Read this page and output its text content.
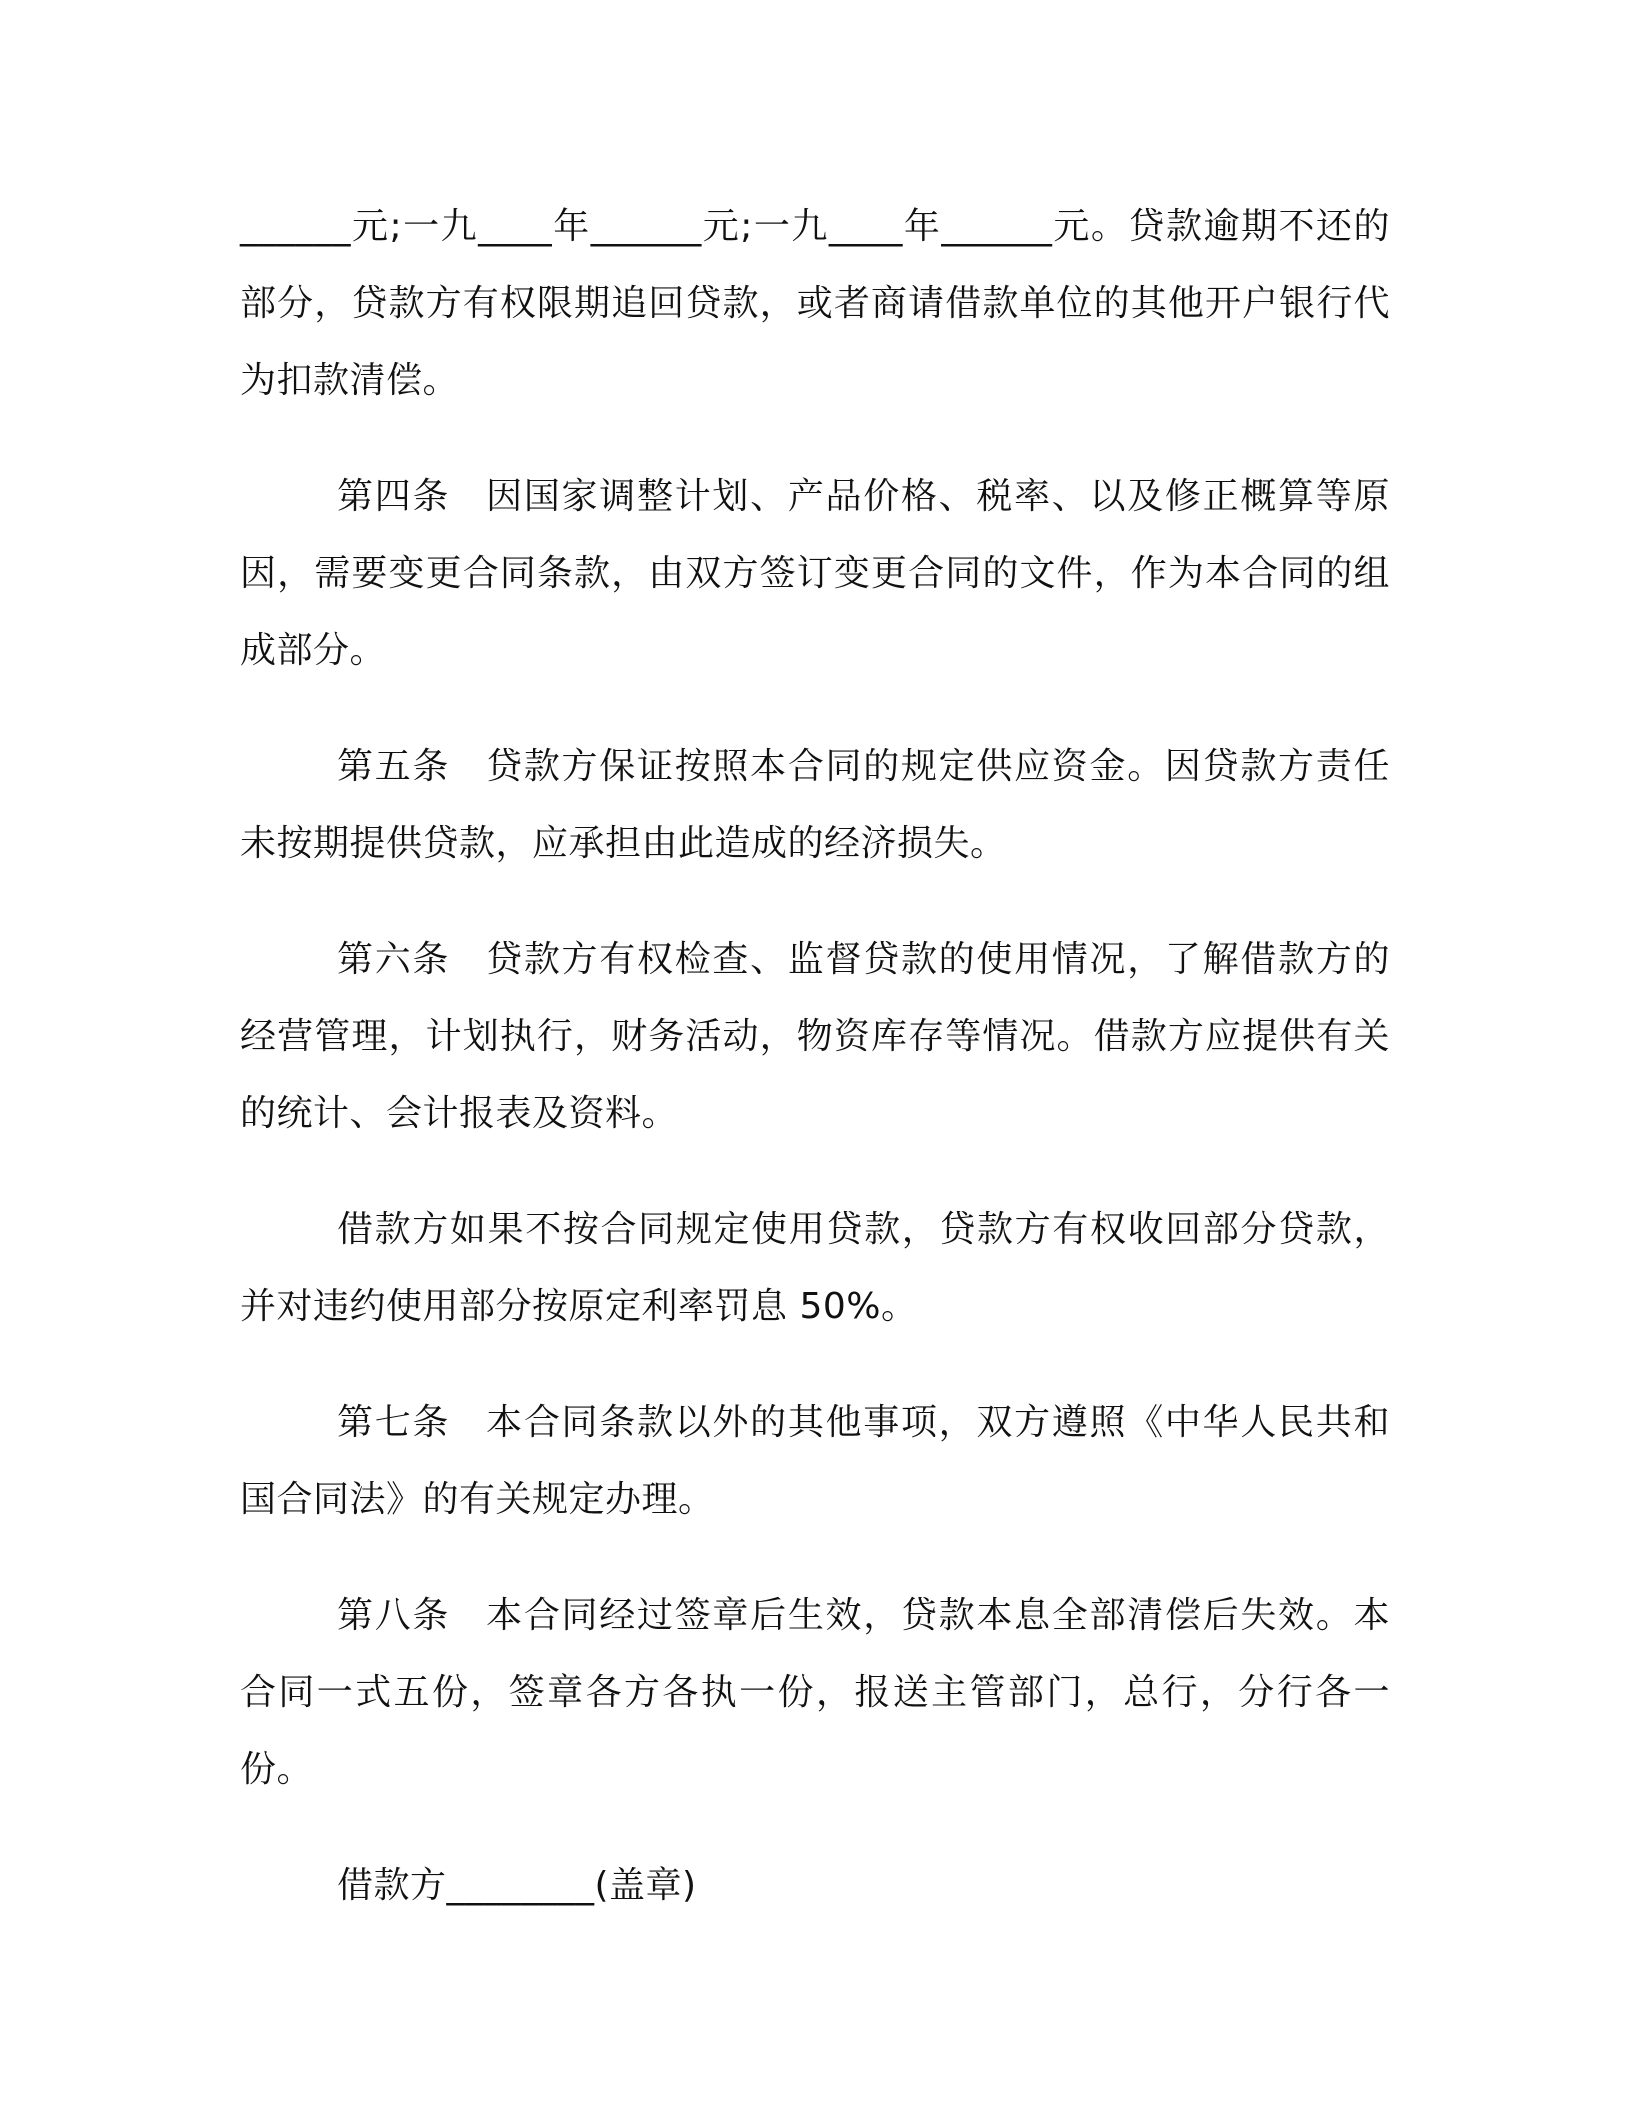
______元;一九____年______元;一九____年______元。贷款逾期不还的部分，贷款方有权限期追回贷款，或者商请借款单位的其他开户银行代为扣款清偿。

第四条 因国家调整计划、产品价格、税率、以及修正概算等原因，需要变更合同条款，由双方签订变更合同的文件，作为本合同的组成部分。

第五条 贷款方保证按照本合同的规定供应资金。因贷款方责任未按期提供贷款，应承担由此造成的经济损失。

第六条 贷款方有权检查、监督贷款的使用情况，了解借款方的经营管理，计划执行，财务活动，物资库存等情况。借款方应提供有关的统计、会计报表及资料。

借款方如果不按合同规定使用贷款，贷款方有权收回部分贷款，并对违约使用部分按原定利率罚息 50%。

第七条 本合同条款以外的其他事项，双方遵照《中华人民共和国合同法》的有关规定办理。

第八条 本合同经过签章后生效，贷款本息全部清偿后失效。本合同一式五份，签章各方各执一份，报送主管部门，总行，分行各一份。

借款方________(盖章)
